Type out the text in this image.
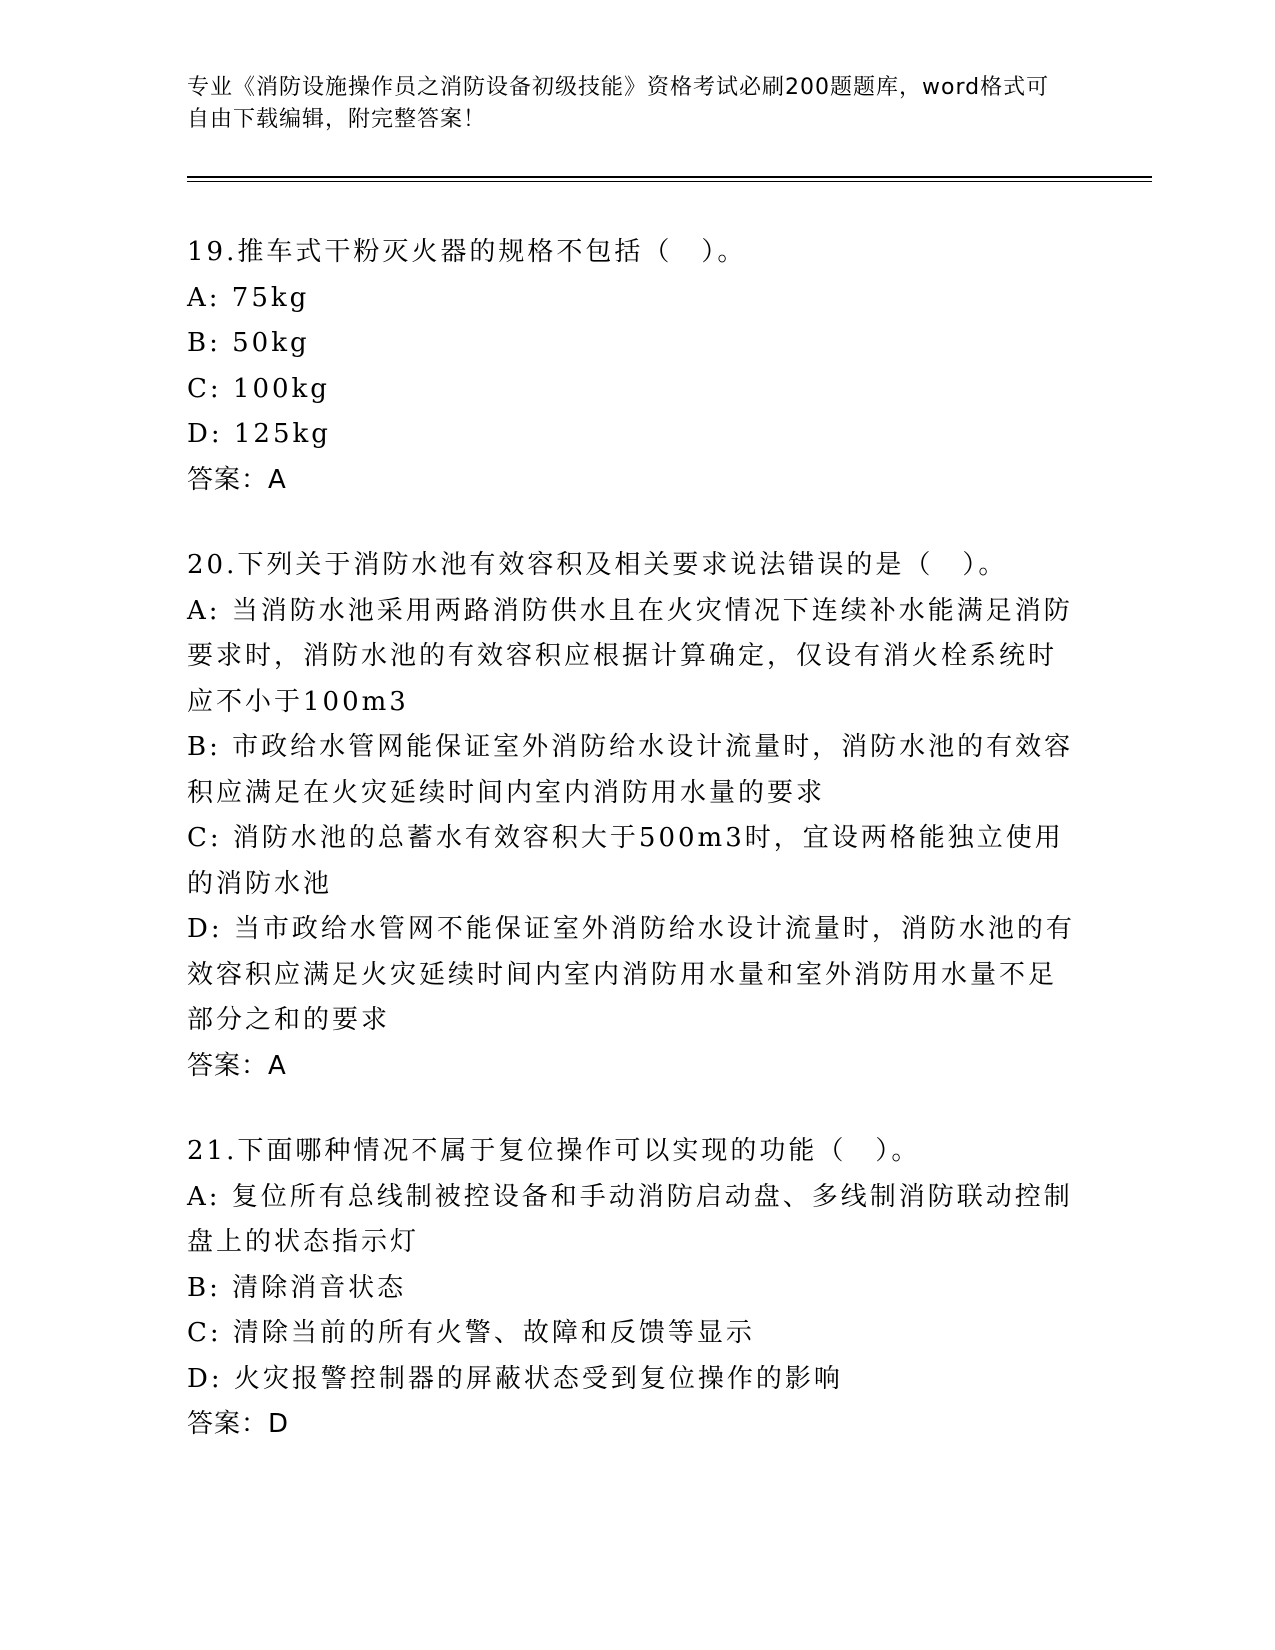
专业《消防设施操作员之消防设备初级技能》资格考试必刷200题题库，word格式可自由下载编辑，附完整答案！

19.推车式干粉灭火器的规格不包括（　）。

A: 75kg

B: 50kg

C: 100kg

D: 125kg

答案：A

20.下列关于消防水池有效容积及相关要求说法错误的是（　）。

A: 当消防水池采用两路消防供水且在火灾情况下连续补水能满足消防要求时，消防水池的有效容积应根据计算确定，仅设有消火栓系统时应不小于100m3

B: 市政给水管网能保证室外消防给水设计流量时，消防水池的有效容积应满足在火灾延续时间内室内消防用水量的要求

C: 消防水池的总蓄水有效容积大于500m3时，宜设两格能独立使用的消防水池

D: 当市政给水管网不能保证室外消防给水设计流量时，消防水池的有效容积应满足火灾延续时间内室内消防用水量和室外消防用水量不足部分之和的要求

答案：A

21.下面哪种情况不属于复位操作可以实现的功能（　）。

A: 复位所有总线制被控设备和手动消防启动盘、多线制消防联动控制盘上的状态指示灯

B: 清除消音状态

C: 清除当前的所有火警、故障和反馈等显示

D: 火灾报警控制器的屏蔽状态受到复位操作的影响

答案：D
